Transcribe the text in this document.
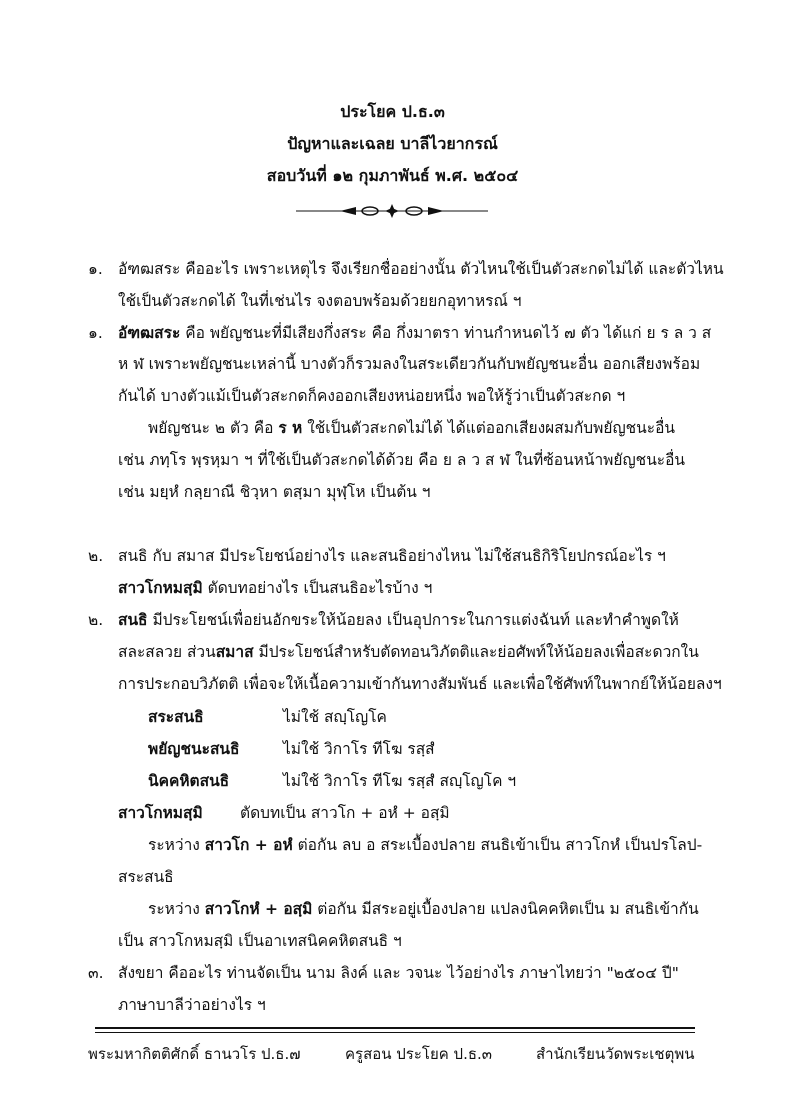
ประโยค ป.ธ.๓
ปัญหาและเฉลย บาลีไวยากรณ์
สอบวันที่ ๑๒ กุมภาพันธ์ พ.ศ. ๒๕๐๔
๑. อัฑฒสระ คืออะไร เพราะเหตุไร จึงเรียกชื่ออย่างนั้น ตัวไหนใช้เป็นตัวสะกดไม่ได้ และตัวไหน
ใช้เป็นตัวสะกดได้ ในที่เช่นไร จงตอบพร้อมด้วยยกอุทาหรณ์ ฯ
๑. อัฑฒสระ คือ พยัญชนะที่มีเสียงกึ่งสระ คือ กึ่งมาตรา ท่านกำหนดไว้ ๗ ตัว ได้แก่ ย ร ล ว ส
ห ฬ เพราะพยัญชนะเหล่านี้ บางตัวก็รวมลงในสระเดียวกันกับพยัญชนะอื่น ออกเสียงพร้อม
กันได้ บางตัวแม้เป็นตัวสะกดก็คงออกเสียงหน่อยหนึ่ง พอให้รู้ว่าเป็นตัวสะกด ฯ
พยัญชนะ ๒ ตัว คือ ร ห ใช้เป็นตัวสะกดไม่ได้ ได้แต่ออกเสียงผสมกับพยัญชนะอื่น
เช่น ภทฺโร พฺรหฺมา ฯ ที่ใช้เป็นตัวสะกดได้ด้วย คือ ย ล ว ส ฬ ในที่ซ้อนหน้าพยัญชนะอื่น
เช่น มยฺหํ กลฺยาณี ชิวฺหา ตสฺมา มุฬฺโห เป็นต้น ฯ
๒. สนธิ กับ สมาส มีประโยชน์อย่างไร และสนธิอย่างไหน ไม่ใช้สนธิกิริโยปกรณ์อะไร ฯ
สาวโกหมสฺมิ ตัดบทอย่างไร เป็นสนธิอะไรบ้าง ฯ
๒. สนธิ มีประโยชน์เพื่อย่นอักขระให้น้อยลง เป็นอุปการะในการแต่งฉันท์ และทำคำพูดให้
สละสลวย ส่วนสมาส มีประโยชน์สำหรับตัดทอนวิภัตติและย่อศัพท์ให้น้อยลงเพื่อสะดวกใน
การประกอบวิภัตติ เพื่อจะให้เนื้อความเข้ากันทางสัมพันธ์ และเพื่อใช้ศัพท์ในพากย์ให้น้อยลงฯ
สระสนธิ	ไม่ใช้ สญฺโญโค
พยัญชนะสนธิ	ไม่ใช้ วิกาโร ทีโฆ รสฺสํ
นิคคหิตสนธิ	ไม่ใช้ วิกาโร ทีโฆ รสฺสํ สญฺโญโค ฯ
สาวโกหมสฺมิ ตัดบทเป็น สาวโก + อหํ + อสฺมิ
ระหว่าง สาวโก + อหํ ต่อกัน ลบ อ สระเบื้องปลาย สนธิเข้าเป็น สาวโกหํ เป็นปรโลป-
สระสนธิ
ระหว่าง สาวโกหํ + อสฺมิ ต่อกัน มีสระอยู่เบื้องปลาย แปลงนิคคหิตเป็น ม สนธิเข้ากัน
เป็น สาวโกหมสฺมิ เป็นอาเทสนิคคหิตสนธิ ฯ
๓. สังขยา คืออะไร ท่านจัดเป็น นาม ลิงค์ และ วจนะ ไว้อย่างไร ภาษาไทยว่า "๒๕๐๔ ปี"
ภาษาบาลีว่าอย่างไร ฯ
พระมหากิตติศักดิ์ ธานวโร ป.ธ.๗	ครูสอน ประโยค ป.ธ.๓	สำนักเรียนวัดพระเชตุพน
